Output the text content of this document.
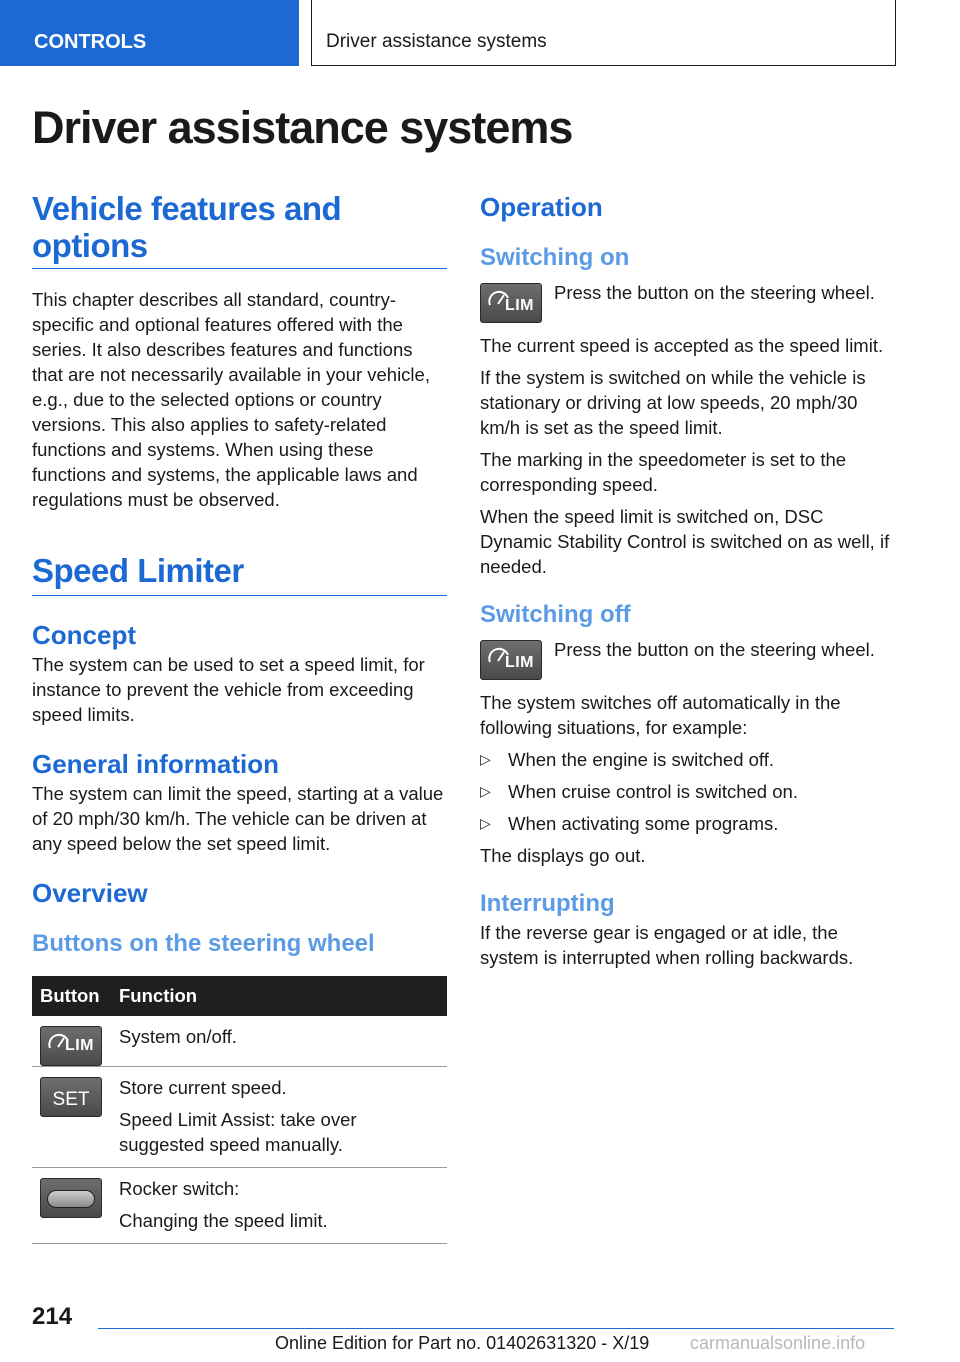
CONTROLS	Driver assistance systems
Driver assistance systems
Vehicle features and options
This chapter describes all standard, country-specific and optional features offered with the series. It also describes features and functions that are not necessarily available in your vehicle, e.g., due to the selected options or country versions. This also applies to safety-related functions and systems. When using these functions and systems, the applicable laws and regulations must be observed.
Speed Limiter
Concept
The system can be used to set a speed limit, for instance to prevent the vehicle from exceeding speed limits.
General information
The system can limit the speed, starting at a value of 20 mph/30 km/h. The vehicle can be driven at any speed below the set speed limit.
Overview
Buttons on the steering wheel
Button	Function

LIM	System on/off.

SET	Store current speed.
Speed Limit Assist: take over suggested speed manually.

	Rocker switch:
Changing the speed limit.
Operation
Switching on
LIM
Press the button on the steering wheel.
The current speed is accepted as the speed limit.
If the system is switched on while the vehicle is stationary or driving at low speeds, 20 mph/30 km/h is set as the speed limit.
The marking in the speedometer is set to the corresponding speed.
When the speed limit is switched on, DSC Dynamic Stability Control is switched on as well, if needed.
Switching off
LIM
Press the button on the steering wheel.
The system switches off automatically in the following situations, for example:
▷ When the engine is switched off.
▷ When cruise control is switched on.
▷ When activating some programs.
The displays go out.
Interrupting
If the reverse gear is engaged or at idle, the system is interrupted when rolling backwards.
214
Online Edition for Part no. 01402631320 - X/19 carmanualsonline.info
